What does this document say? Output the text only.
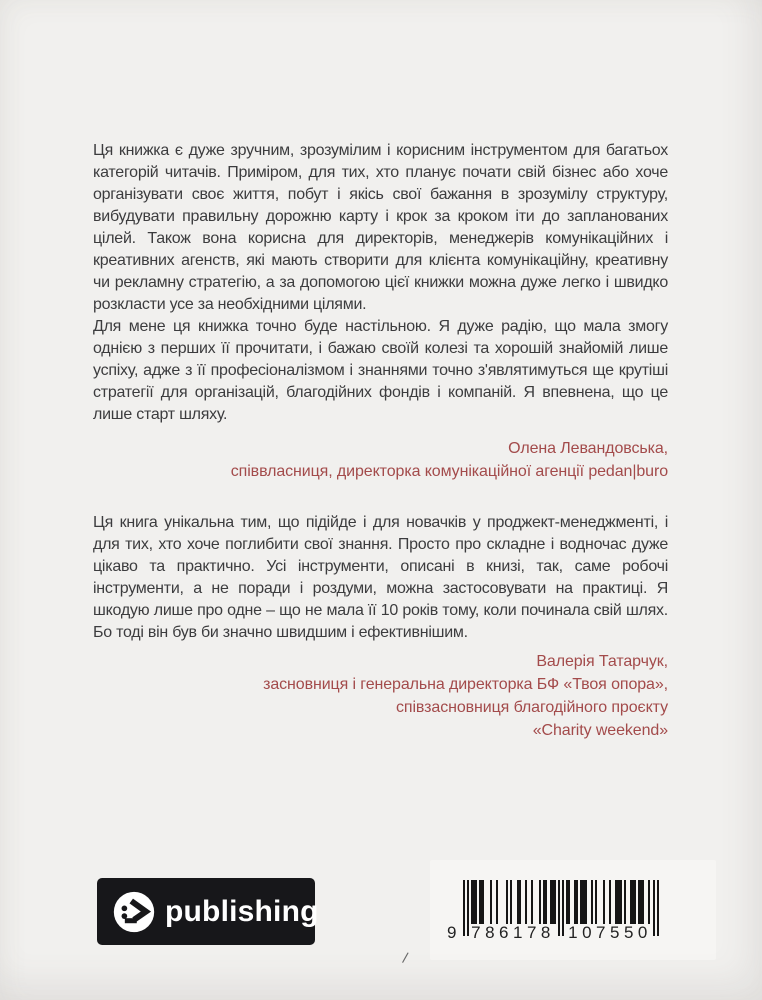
Ця книжка є дуже зручним, зрозумілим і корисним інструментом для багатьох категорій читачів. Приміром, для тих, хто планує почати свій бізнес або хоче організувати своє життя, побут і якісь свої бажання в зрозумілу структуру, вибудувати правильну дорожню карту і крок за кроком іти до запланованих цілей. Також вона корисна для директорів, менеджерів комунікаційних і креативних агенств, які мають створити для клієнта комунікаційну, креативну чи рекламну стратегію, а за допомогою цієї книжки можна дуже легко і швидко розкласти усе за необхідними цілями.

Для мене ця книжка точно буде настільною. Я дуже радію, що мала змогу однією з перших її прочитати, і бажаю своїй колезі та хорошій знайомій лише успіху, адже з її професіоналізмом і знаннями точно з'являтимуться ще крутіші стратегії для організацій, благодійних фондів і компаній. Я впевнена, що це лише старт шляху.

Олена Левандовська,
співвласниця, директорка комунікаційної агенції pedan|buro

Ця книга унікальна тим, що підійде і для новачків у проджект-менеджменті, і для тих, хто хоче поглибити свої знання. Просто про складне і водночас дуже цікаво та практично. Усі інструменти, описані в книзі, так, саме робочі інструменти, а не поради і роздуми, можна застосовувати на практиці. Я шкодую лише про одне – що не мала її 10 років тому, коли починала свій шлях. Бо тоді він був би значно швидшим і ефективнішим.

Валерія Татарчук,
засновниця і генеральна директорка БФ «Твоя опора»,
співзасновниця благодійного проєкту
«Charity weekend»
publishing
9 786178 107550
/
